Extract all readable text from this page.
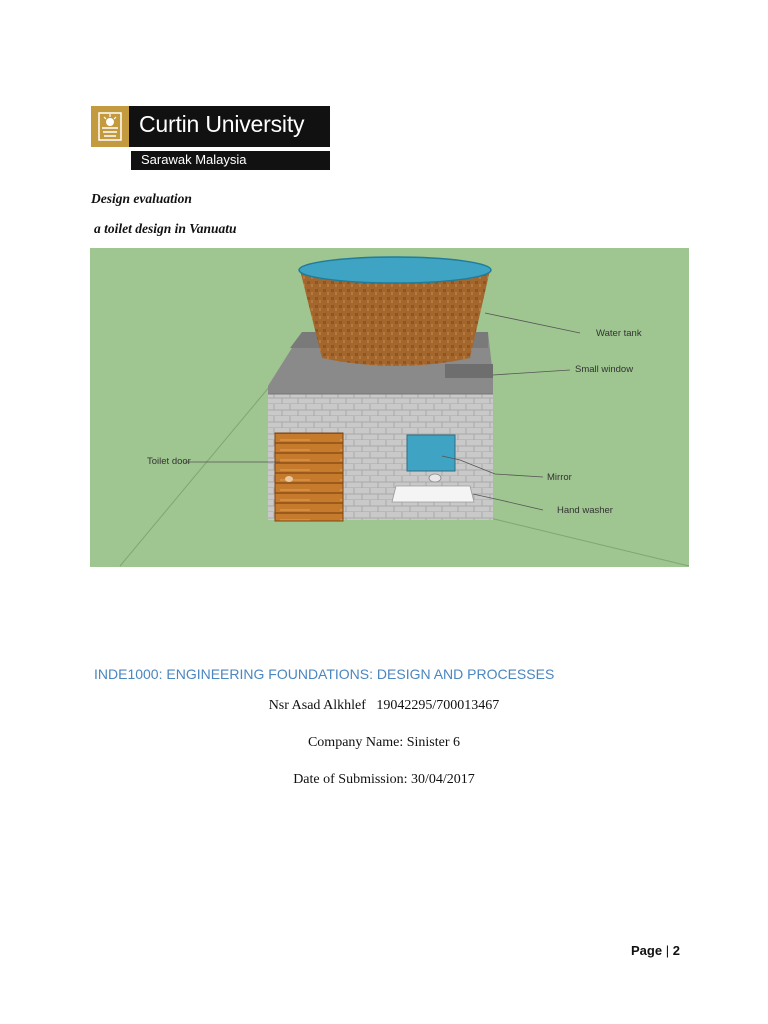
Curtin University
Sarawak Malaysia
Design evaluation
a toilet design in Vanuatu
Water tank
Small window
Toilet door
Mirror
Hand washer
INDE1000: ENGINEERING FOUNDATIONS: DESIGN AND PROCESSES
Nsr Asad Alkhlef   19042295/700013467
Company Name: Sinister 6
Date of Submission: 30/04/2017
Page | 2
